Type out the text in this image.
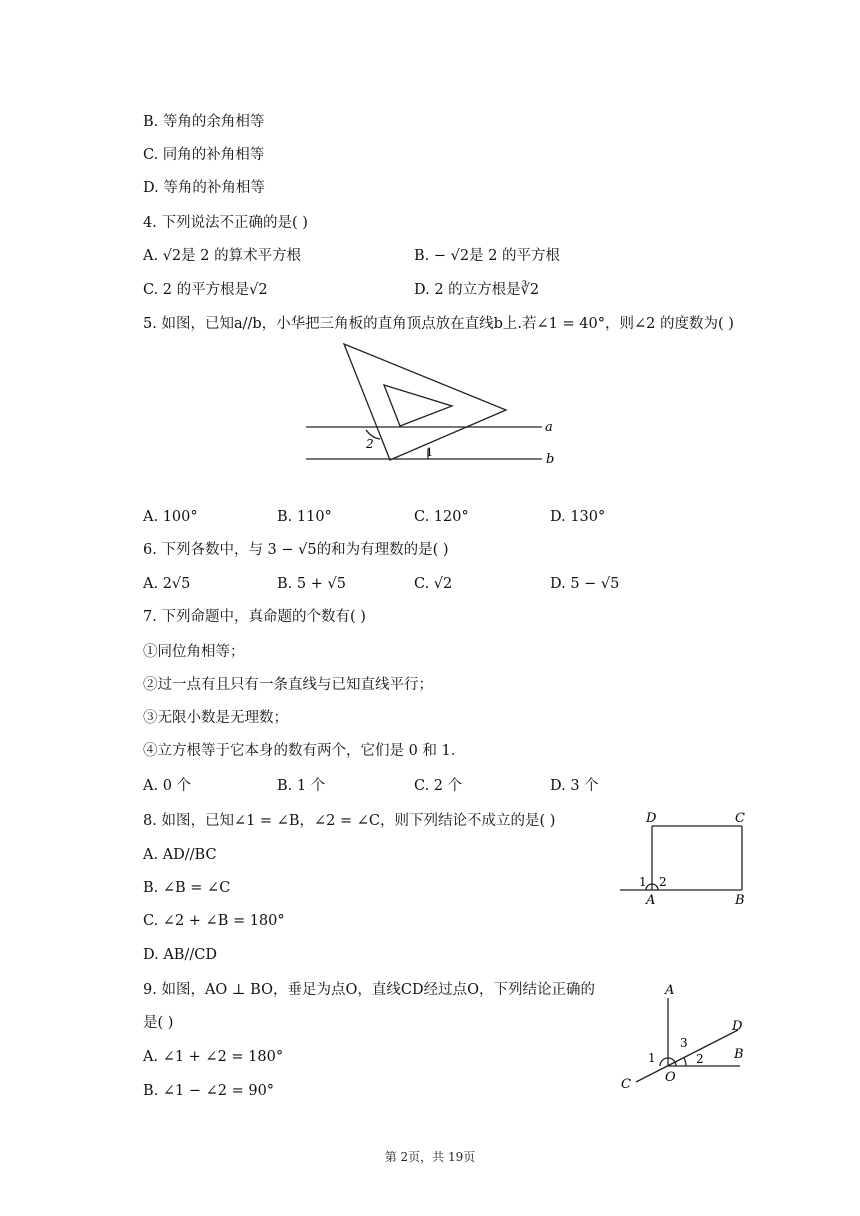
B. 等角的余角相等
C. 同角的补角相等
D. 等角的补角相等
4. 下列说法不正确的是( )
A. √2是 2 的算术平方根	B. − √2是 2 的平方根
C. 2 的平方根是√2	D. 2 的立方根是∛2
5. 如图，已知a//b，小华把三角板的直角顶点放在直线b上.若∠1 = 40°，则∠2 的度数为( )
a
b
2
1
A. 100°	B. 110°	C. 120°	D. 130°
6. 下列各数中，与 3 − √5的和为有理数的是( )
A. 2√5	B. 5 + √5	C. √2	D. 5 − √5
7. 下列命题中，真命题的个数有( )
①同位角相等；
②过一点有且只有一条直线与已知直线平行；
③无限小数是无理数；
④立方根等于它本身的数有两个，它们是 0 和 1．
A. 0 个	B. 1 个	C. 2 个	D. 3 个
8. 如图，已知∠1 = ∠B，∠2 = ∠C，则下列结论不成立的是( )
A. AD//BC
B. ∠B = ∠C
C. ∠2 + ∠B = 180°
D. AB//CD
D	C
A	B
1 2
9. 如图，AO ⊥ BO，垂足为点O，直线CD经过点O，下列结论正确的
是( )
A. ∠1 + ∠2 = 180°
B. ∠1 − ∠2 = 90°
A
D
B
C	O
1	2
3
第 2页，共 19页
